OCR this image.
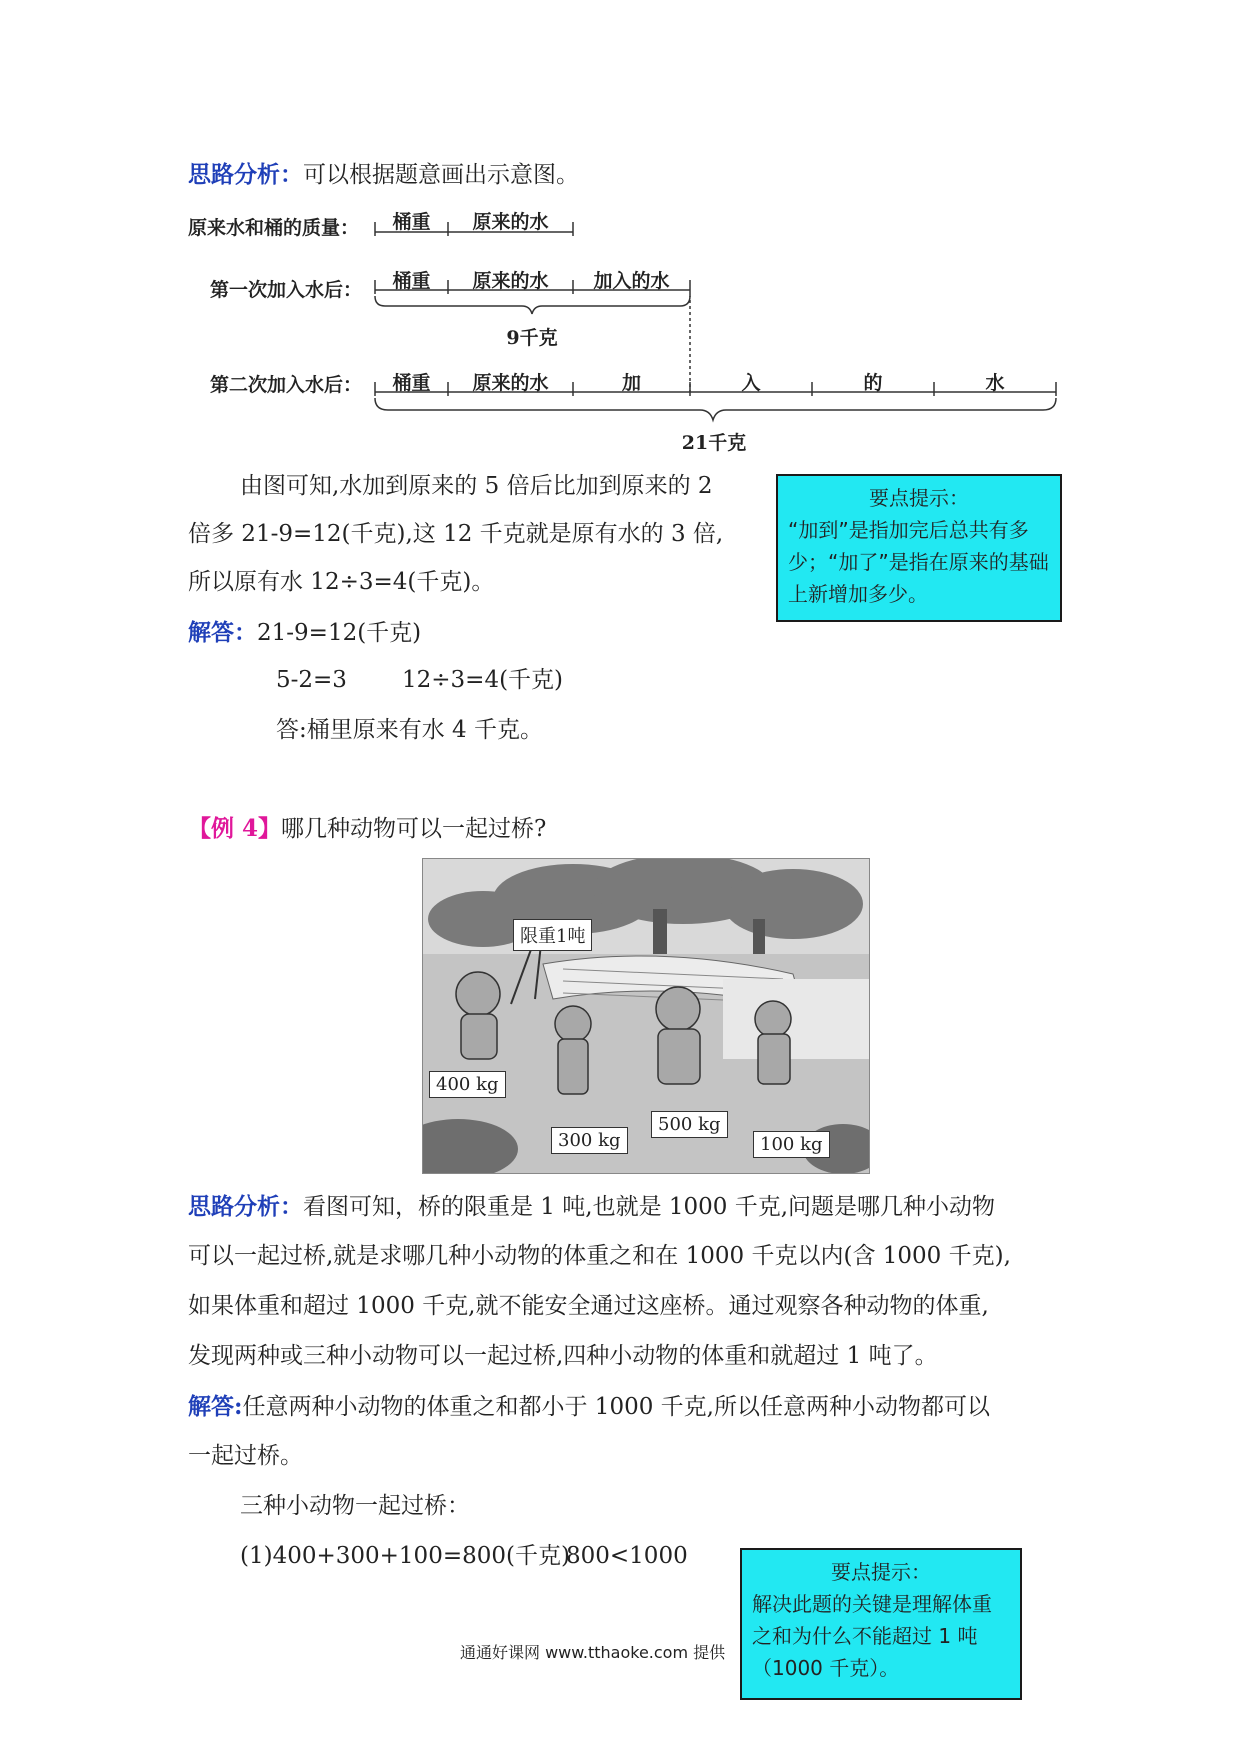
思路分析：可以根据题意画出示意图。
原来水和桶的质量：
第一次加入水后：
第二次加入水后：
桶重	原来的水
桶重	原来的水	加入的水
9千克
桶重	原来的水	加	入	的	水
21千克
由图可知,水加到原来的 5 倍后比加到原来的 2
倍多 21-9=12(千克),这 12 千克就是原有水的 3 倍,
所以原有水 12÷3=4(千克)。
要点提示：
“加到”是指加完后总共有多少；“加了”是指在原来的基础上新增加多少。
解答：21-9=12(千克)
5-2=3 12÷3=4(千克)
答:桶里原来有水 4 千克。
【例 4】哪几种动物可以一起过桥?
限重1吨
400 kg
300 kg
500 kg
100 kg
思路分析：看图可知，桥的限重是 1 吨,也就是 1000 千克,问题是哪几种小动物
可以一起过桥,就是求哪几种小动物的体重之和在 1000 千克以内(含 1000 千克),
如果体重和超过 1000 千克,就不能安全通过这座桥。通过观察各种动物的体重,
发现两种或三种小动物可以一起过桥,四种小动物的体重和就超过 1 吨了。
解答:任意两种小动物的体重之和都小于 1000 千克,所以任意两种小动物都可以
一起过桥。
三种小动物一起过桥：
(1)400+300+100=800(千克)
800<1000
通通好课网 www.tthaoke.com 提供
要点提示：
解决此题的关键是理解体重之和为什么不能超过 1 吨（1000 千克）。
